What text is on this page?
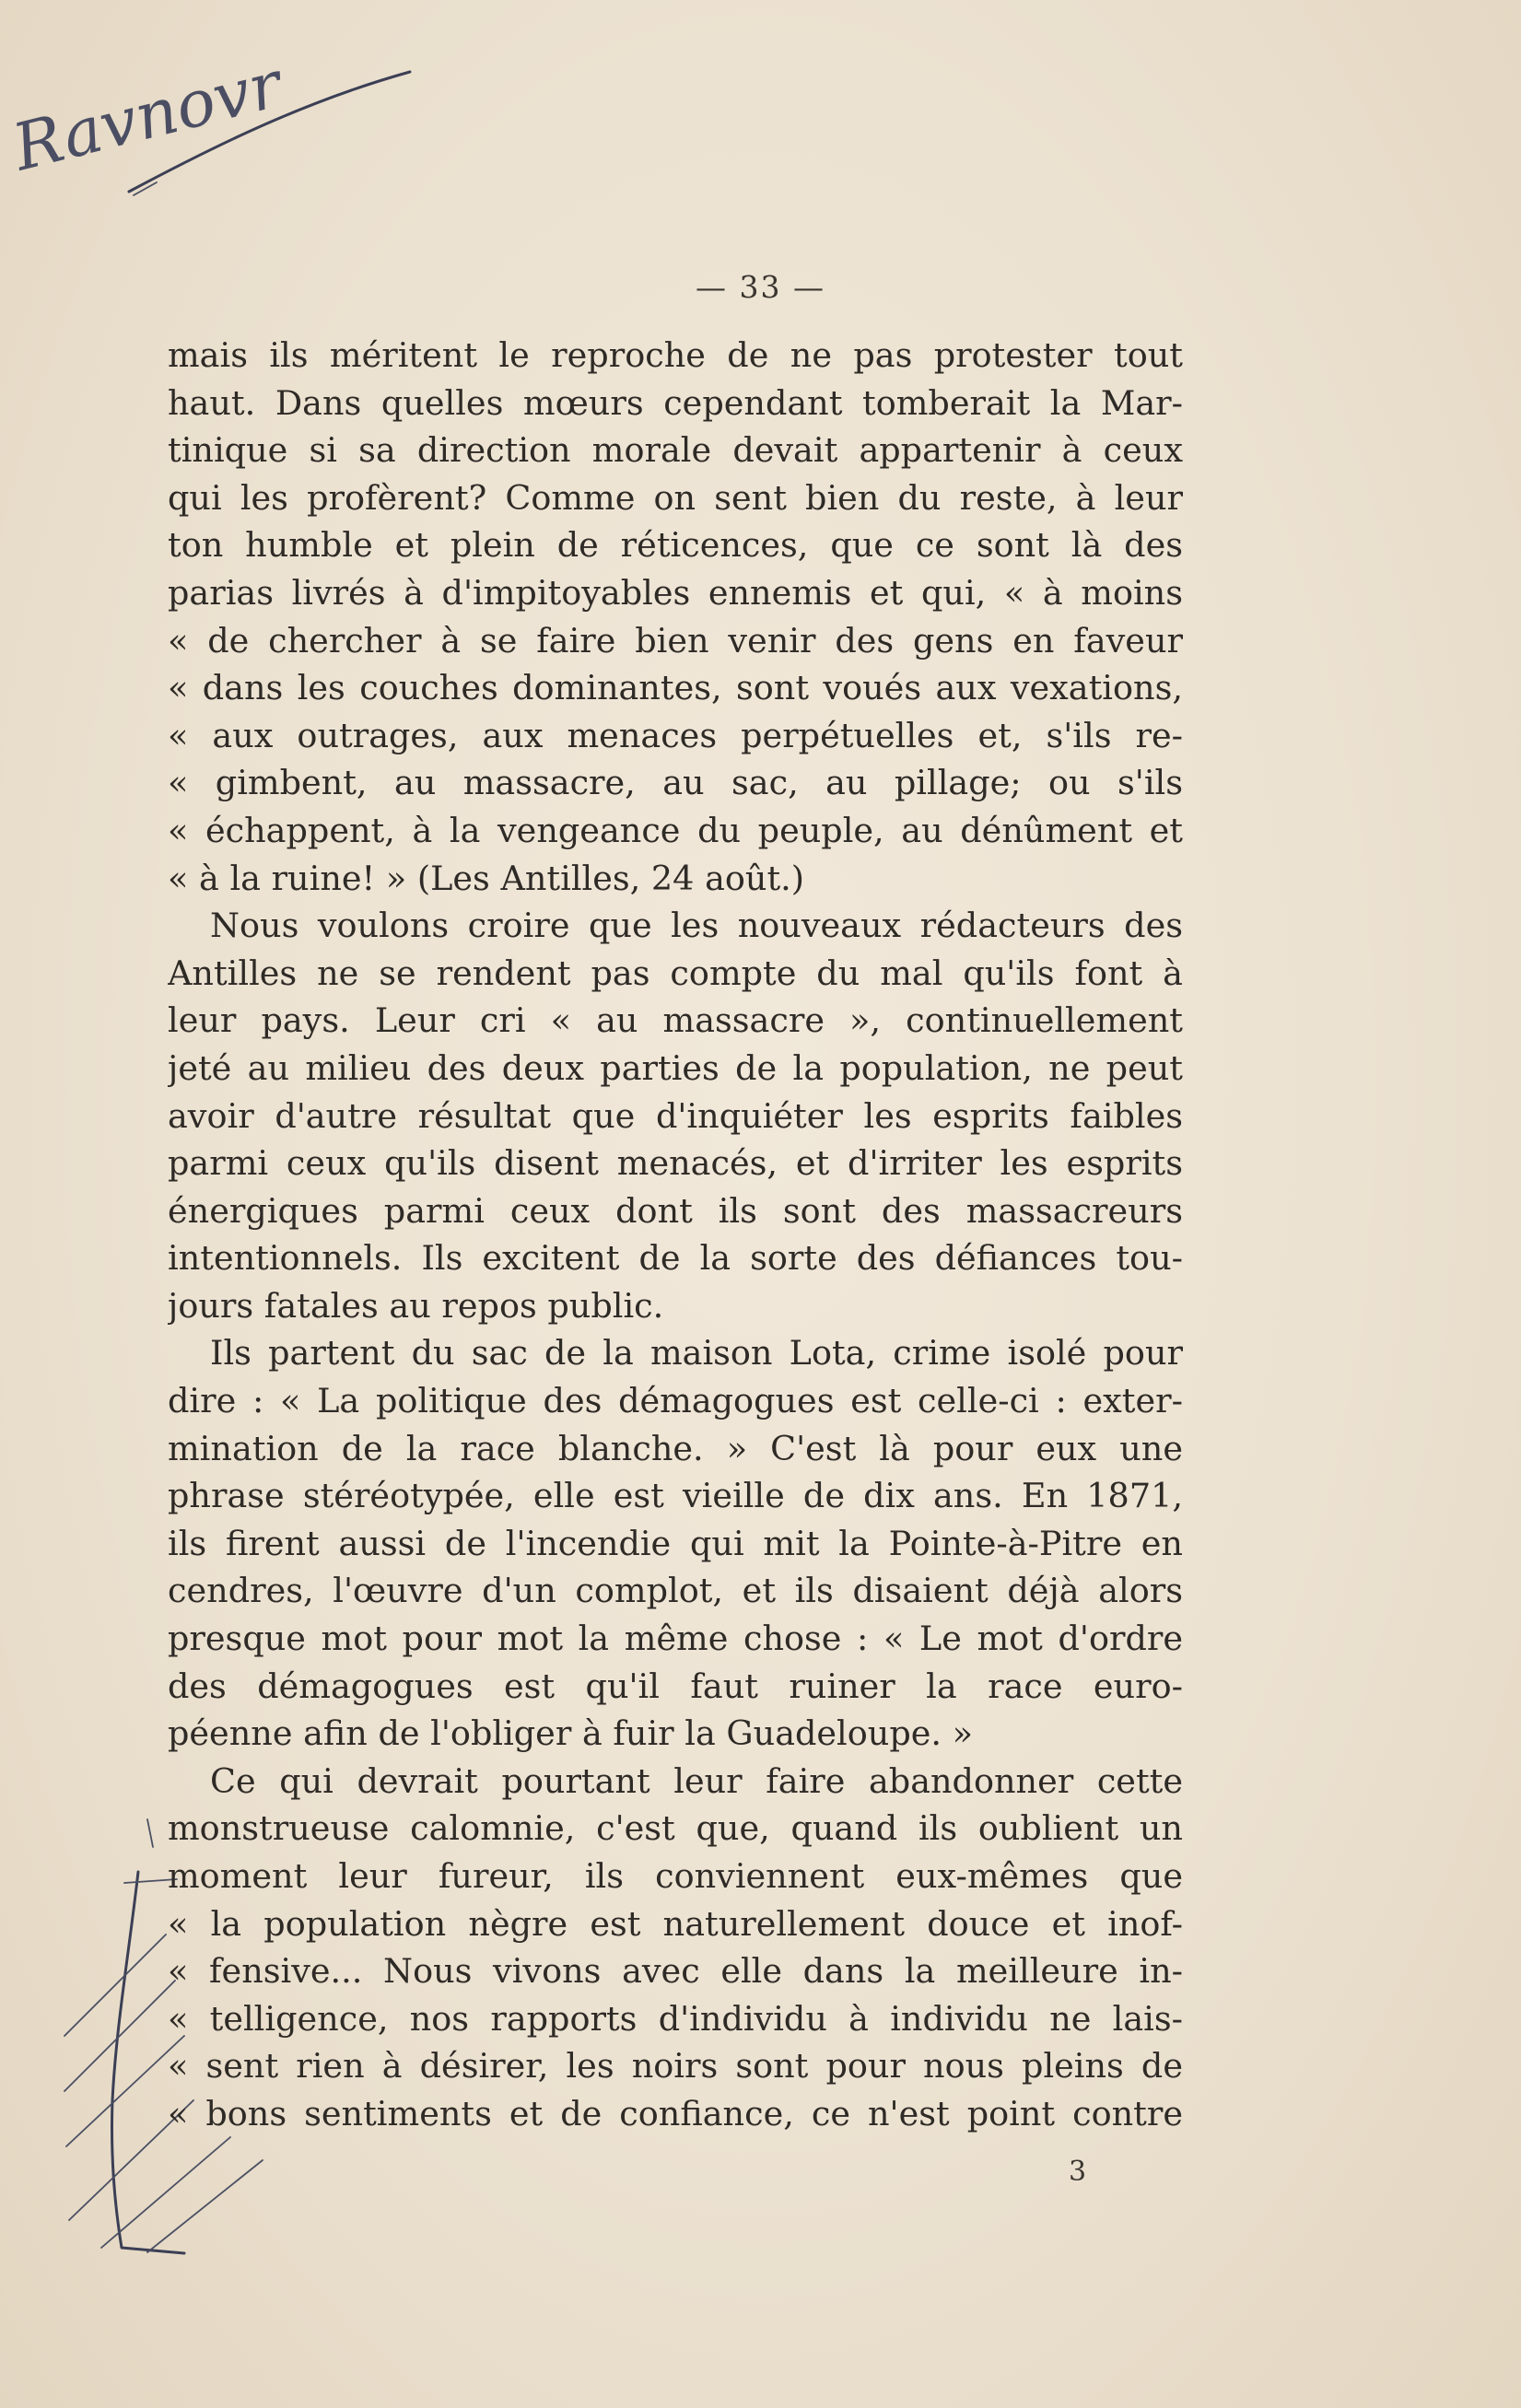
Ravnovr
— 33 —
mais ils méritent le reproche de ne pas protester tout
haut. Dans quelles mœurs cependant tomberait la Mar-
tinique si sa direction morale devait appartenir à ceux
qui les profèrent? Comme on sent bien du reste, à leur
ton humble et plein de réticences, que ce sont là des
parias livrés à d'impitoyables ennemis et qui, « à moins
« de chercher à se faire bien venir des gens en faveur
« dans les couches dominantes, sont voués aux vexations,
« aux outrages, aux menaces perpétuelles et, s'ils re-
« gimbent, au massacre, au sac, au pillage; ou s'ils
« échappent, à la vengeance du peuple, au dénûment et
« à la ruine! » (Les Antilles, 24 août.)
Nous voulons croire que les nouveaux rédacteurs des
Antilles ne se rendent pas compte du mal qu'ils font à
leur pays. Leur cri « au massacre », continuellement
jeté au milieu des deux parties de la population, ne peut
avoir d'autre résultat que d'inquiéter les esprits faibles
parmi ceux qu'ils disent menacés, et d'irriter les esprits
énergiques parmi ceux dont ils sont des massacreurs
intentionnels. Ils excitent de la sorte des défiances tou-
jours fatales au repos public.
Ils partent du sac de la maison Lota, crime isolé pour
dire : « La politique des démagogues est celle-ci : exter-
mination de la race blanche. » C'est là pour eux une
phrase stéréotypée, elle est vieille de dix ans. En 1871,
ils firent aussi de l'incendie qui mit la Pointe-à-Pitre en
cendres, l'œuvre d'un complot, et ils disaient déjà alors
presque mot pour mot la même chose : « Le mot d'ordre
des démagogues est qu'il faut ruiner la race euro-
péenne afin de l'obliger à fuir la Guadeloupe. »
Ce qui devrait pourtant leur faire abandonner cette
monstrueuse calomnie, c'est que, quand ils oublient un
moment leur fureur, ils conviennent eux-mêmes que
« la population nègre est naturellement douce et inof-
« fensive... Nous vivons avec elle dans la meilleure in-
« telligence, nos rapports d'individu à individu ne lais-
« sent rien à désirer, les noirs sont pour nous pleins de
« bons sentiments et de confiance, ce n'est point contre
3
